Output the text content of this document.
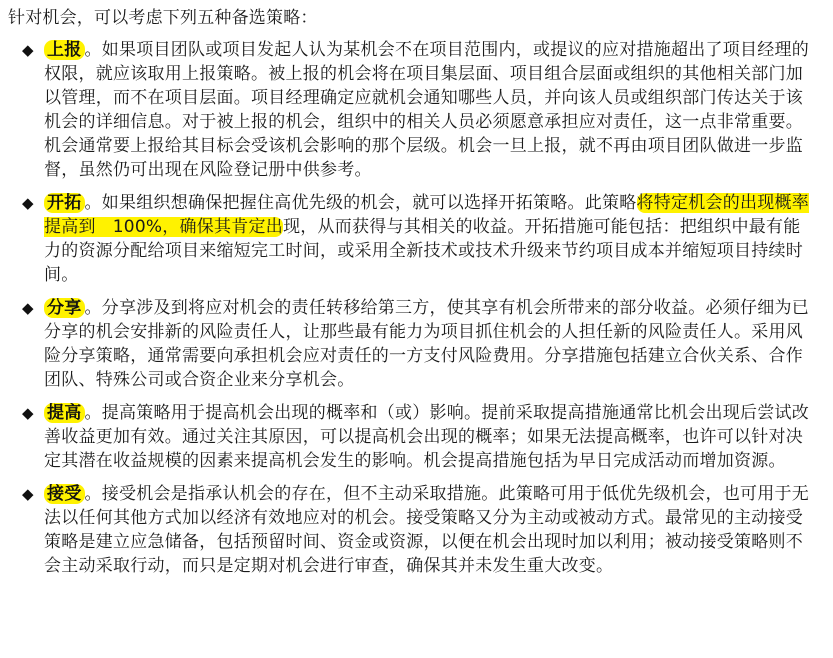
针对机会，可以考虑下列五种备选策略：

◆ 上报 。如果项目团队或项目发起人认为某机会不在项目范围内，或提议的应对措施超出了项目经理的权限，就应该取用上报策略。被上报的机会将在项目集层面、项目组合层面或组织的其他相关部门加以管理，而不在项目层面。项目经理确定应就机会通知哪些人员，并向该人员或组织部门传达关于该机会的详细信息。对于被上报的机会，组织中的相关人员必须愿意承担应对责任，这一点非常重要。机会通常要上报给其目标会受该机会影响的那个层级。机会一旦上报，就不再由项目团队做进一步监督，虽然仍可出现在风险登记册中供参考。
◆ 开拓 。如果组织想确保把握住高优先级的机会，就可以选择开拓策略。此策略将特定机会的出现概率提高到   100%，确保其肯定出现，从而获得与其相关的收益。开拓措施可能包括：把组织中最有能力的资源分配给项目来缩短完工时间，或采用全新技术或技术升级来节约项目成本并缩短项目持续时间。
◆ 分享 。分享涉及到将应对机会的责任转移给第三方，使其享有机会所带来的部分收益。必须仔细为已分享的机会安排新的风险责任人，让那些最有能力为项目抓住机会的人担任新的风险责任人。采用风险分享策略，通常需要向承担机会应对责任的一方支付风险费用。分享措施包括建立合伙关系、合作团队、特殊公司或合资企业来分享机会。
◆ 提高 。提高策略用于提高机会出现的概率和（或）影响。提前采取提高措施通常比机会出现后尝试改善收益更加有效。通过关注其原因，可以提高机会出现的概率；如果无法提高概率，也许可以针对决定其潜在收益规模的因素来提高机会发生的影响。机会提高措施包括为早日完成活动而增加资源。
◆ 接受 。接受机会是指承认机会的存在，但不主动采取措施。此策略可用于低优先级机会，也可用于无法以任何其他方式加以经济有效地应对的机会。接受策略又分为主动或被动方式。最常见的主动接受策略是建立应急储备，包括预留时间、资金或资源，以便在机会出现时加以利用；被动接受策略则不会主动采取行动，而只是定期对机会进行审查，确保其并未发生重大改变。
